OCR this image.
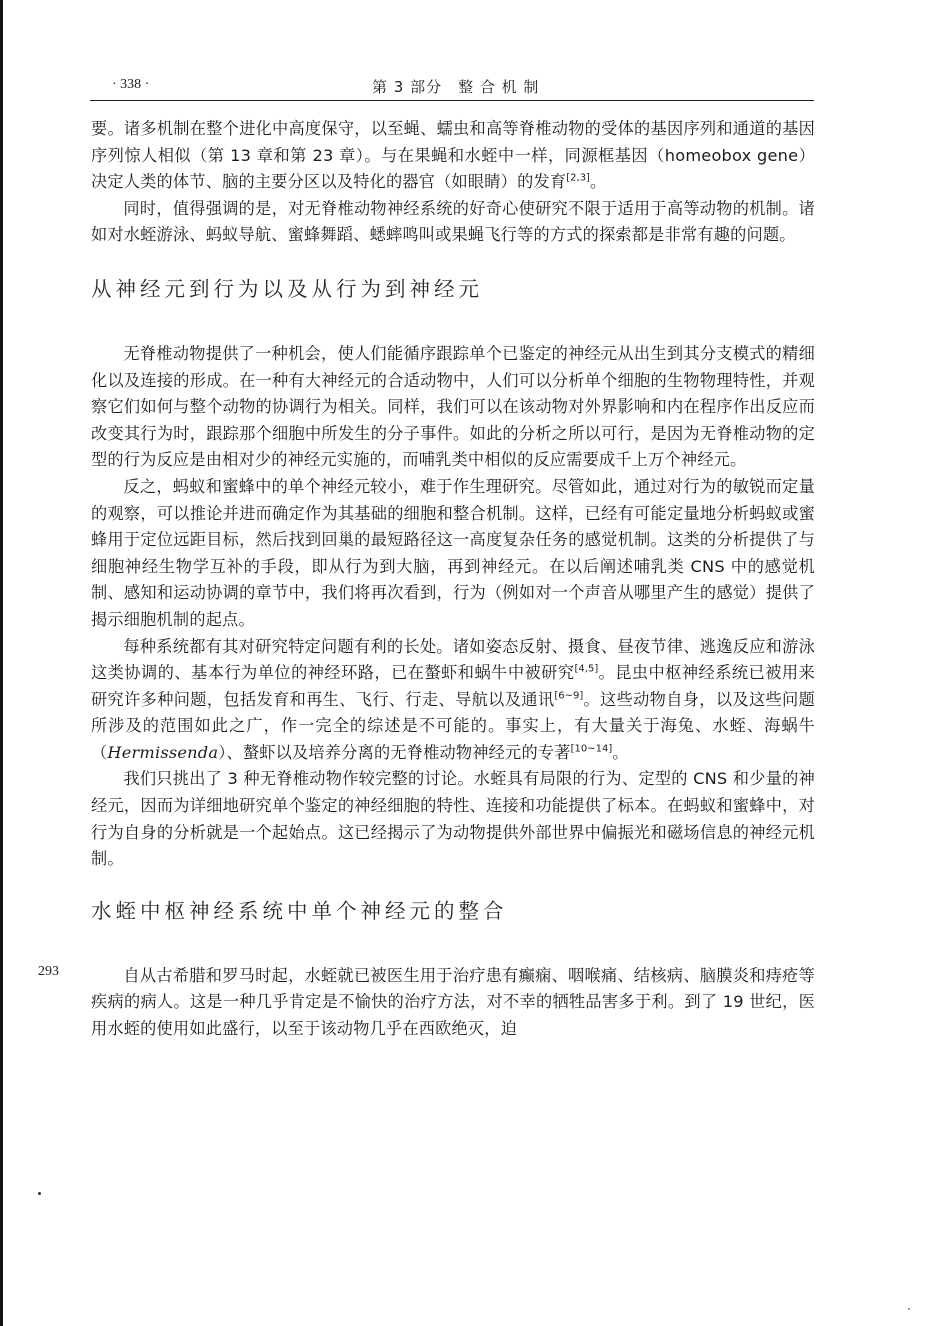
· 338 ·	第 3 部分　整 合 机 制
293

要。诸多机制在整个进化中高度保守，以至蝇、蠕虫和高等脊椎动物的受体的基因序列和通道的基因序列惊人相似（第 13 章和第 23 章）。与在果蝇和水蛭中一样，同源框基因（homeobox gene）决定人类的体节、脑的主要分区以及特化的器官（如眼睛）的发育[2,3]。

同时，值得强调的是，对无脊椎动物神经系统的好奇心使研究不限于适用于高等动物的机制。诸如对水蛭游泳、蚂蚁导航、蜜蜂舞蹈、蟋蟀鸣叫或果蝇飞行等的方式的探索都是非常有趣的问题。

从神经元到行为以及从行为到神经元

无脊椎动物提供了一种机会，使人们能循序跟踪单个已鉴定的神经元从出生到其分支模式的精细化以及连接的形成。在一种有大神经元的合适动物中，人们可以分析单个细胞的生物物理特性，并观察它们如何与整个动物的协调行为相关。同样，我们可以在该动物对外界影响和内在程序作出反应而改变其行为时，跟踪那个细胞中所发生的分子事件。如此的分析之所以可行，是因为无脊椎动物的定型的行为反应是由相对少的神经元实施的，而哺乳类中相似的反应需要成千上万个神经元。

反之，蚂蚁和蜜蜂中的单个神经元较小，难于作生理研究。尽管如此，通过对行为的敏锐而定量的观察，可以推论并进而确定作为其基础的细胞和整合机制。这样，已经有可能定量地分析蚂蚁或蜜蜂用于定位远距目标，然后找到回巢的最短路径这一高度复杂任务的感觉机制。这类的分析提供了与细胞神经生物学互补的手段，即从行为到大脑，再到神经元。在以后阐述哺乳类 CNS 中的感觉机制、感知和运动协调的章节中，我们将再次看到，行为（例如对一个声音从哪里产生的感觉）提供了揭示细胞机制的起点。

每种系统都有其对研究特定问题有利的长处。诸如姿态反射、摄食、昼夜节律、逃逸反应和游泳这类协调的、基本行为单位的神经环路，已在螯虾和蜗牛中被研究[4,5]。昆虫中枢神经系统已被用来研究许多种问题，包括发育和再生、飞行、行走、导航以及通讯[6~9]。这些动物自身，以及这些问题所涉及的范围如此之广，作一完全的综述是不可能的。事实上，有大量关于海兔、水蛭、海蜗牛（Hermissenda）、螯虾以及培养分离的无脊椎动物神经元的专著[10~14]。

我们只挑出了 3 种无脊椎动物作较完整的讨论。水蛭具有局限的行为、定型的 CNS 和少量的神经元，因而为详细地研究单个鉴定的神经细胞的特性、连接和功能提供了标本。在蚂蚁和蜜蜂中，对行为自身的分析就是一个起始点。这已经揭示了为动物提供外部世界中偏振光和磁场信息的神经元机制。

水蛭中枢神经系统中单个神经元的整合

自从古希腊和罗马时起，水蛭就已被医生用于治疗患有癫痫、咽喉痛、结核病、脑膜炎和痔疮等疾病的病人。这是一种几乎肯定是不愉快的治疗方法，对不幸的牺牲品害多于利。到了 19 世纪，医用水蛭的使用如此盛行，以至于该动物几乎在西欧绝灭，迫
